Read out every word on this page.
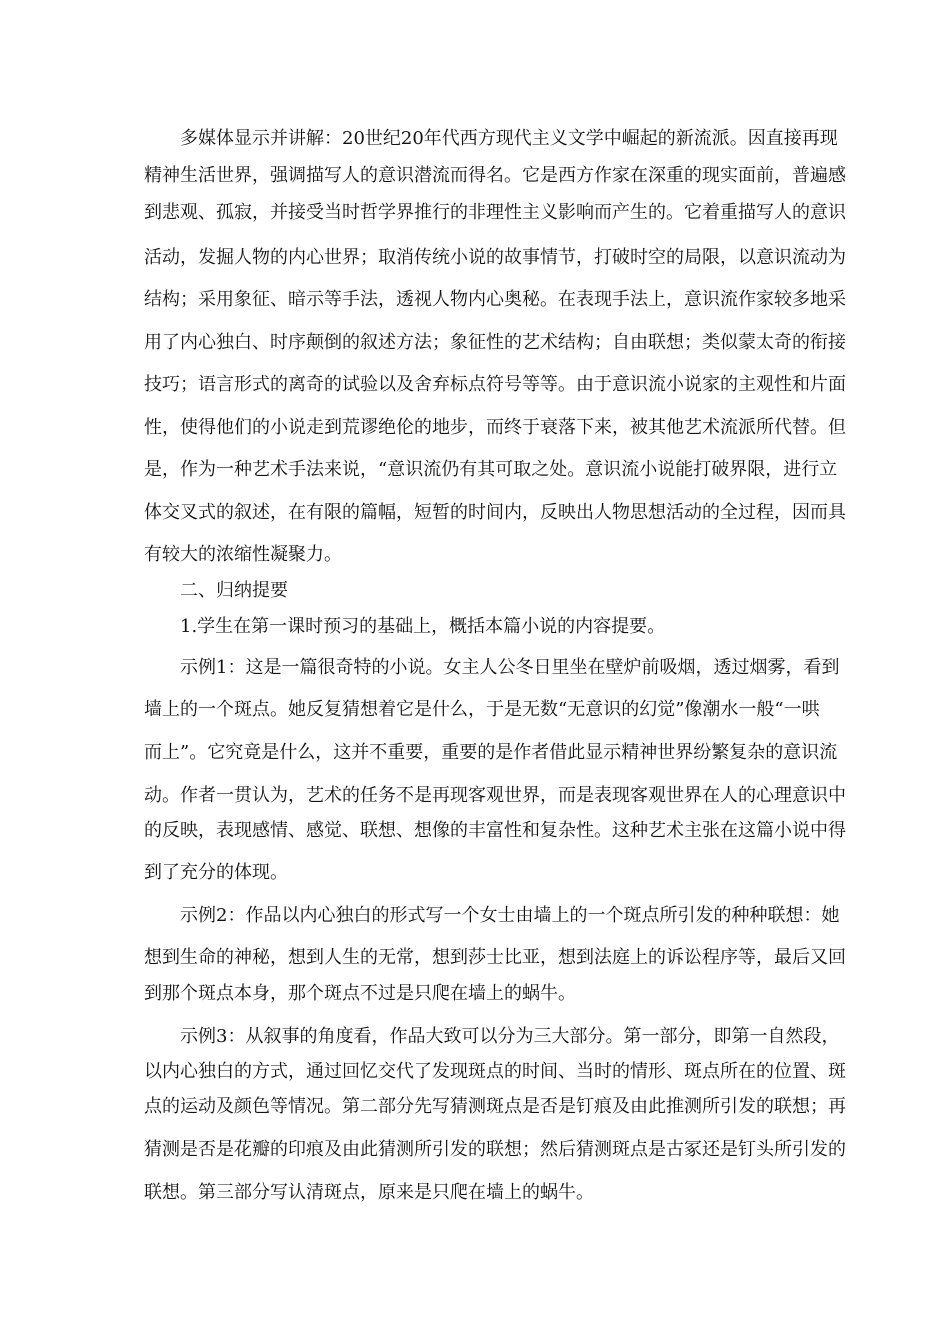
多媒体显示并讲解：20世纪20年代西方现代主义文学中崛起的新流派。因直接再现
精神生活世界，强调描写人的意识潜流而得名。它是西方作家在深重的现实面前，普遍感
到悲观、孤寂，并接受当时哲学界推行的非理性主义影响而产生的。它着重描写人的意识
活动，发掘人物的内心世界；取消传统小说的故事情节，打破时空的局限，以意识流动为
结构；采用象征、暗示等手法，透视人物内心奥秘。在表现手法上，意识流作家较多地采
用了内心独白、时序颠倒的叙述方法；象征性的艺术结构；自由联想；类似蒙太奇的衔接
技巧；语言形式的离奇的试验以及舍弃标点符号等等。由于意识流小说家的主观性和片面
性，使得他们的小说走到荒谬绝伦的地步，而终于衰落下来，被其他艺术流派所代替。但
是，作为一种艺术手法来说，“意识流仍有其可取之处。意识流小说能打破界限，进行立
体交叉式的叙述，在有限的篇幅，短暂的时间内，反映出人物思想活动的全过程，因而具
有较大的浓缩性凝聚力。
二、归纳提要
1.学生在第一课时预习的基础上，概括本篇小说的内容提要。
示例1：这是一篇很奇特的小说。女主人公冬日里坐在壁炉前吸烟，透过烟雾，看到
墙上的一个斑点。她反复猜想着它是什么，于是无数“无意识的幻觉”像潮水一般“一哄
而上”。它究竟是什么，这并不重要，重要的是作者借此显示精神世界纷繁复杂的意识流
动。作者一贯认为，艺术的任务不是再现客观世界，而是表现客观世界在人的心理意识中
的反映，表现感情、感觉、联想、想像的丰富性和复杂性。这种艺术主张在这篇小说中得
到了充分的体现。
示例2：作品以内心独白的形式写一个女士由墙上的一个斑点所引发的种种联想：她
想到生命的神秘，想到人生的无常，想到莎士比亚，想到法庭上的诉讼程序等，最后又回
到那个斑点本身，那个斑点不过是只爬在墙上的蜗牛。
示例3：从叙事的角度看，作品大致可以分为三大部分。第一部分，即第一自然段，
以内心独白的方式，通过回忆交代了发现斑点的时间、当时的情形、斑点所在的位置、斑
点的运动及颜色等情况。第二部分先写猜测斑点是否是钉痕及由此推测所引发的联想；再
猜测是否是花瓣的印痕及由此猜测所引发的联想；然后猜测斑点是古冢还是钉头所引发的
联想。第三部分写认清斑点，原来是只爬在墙上的蜗牛。
